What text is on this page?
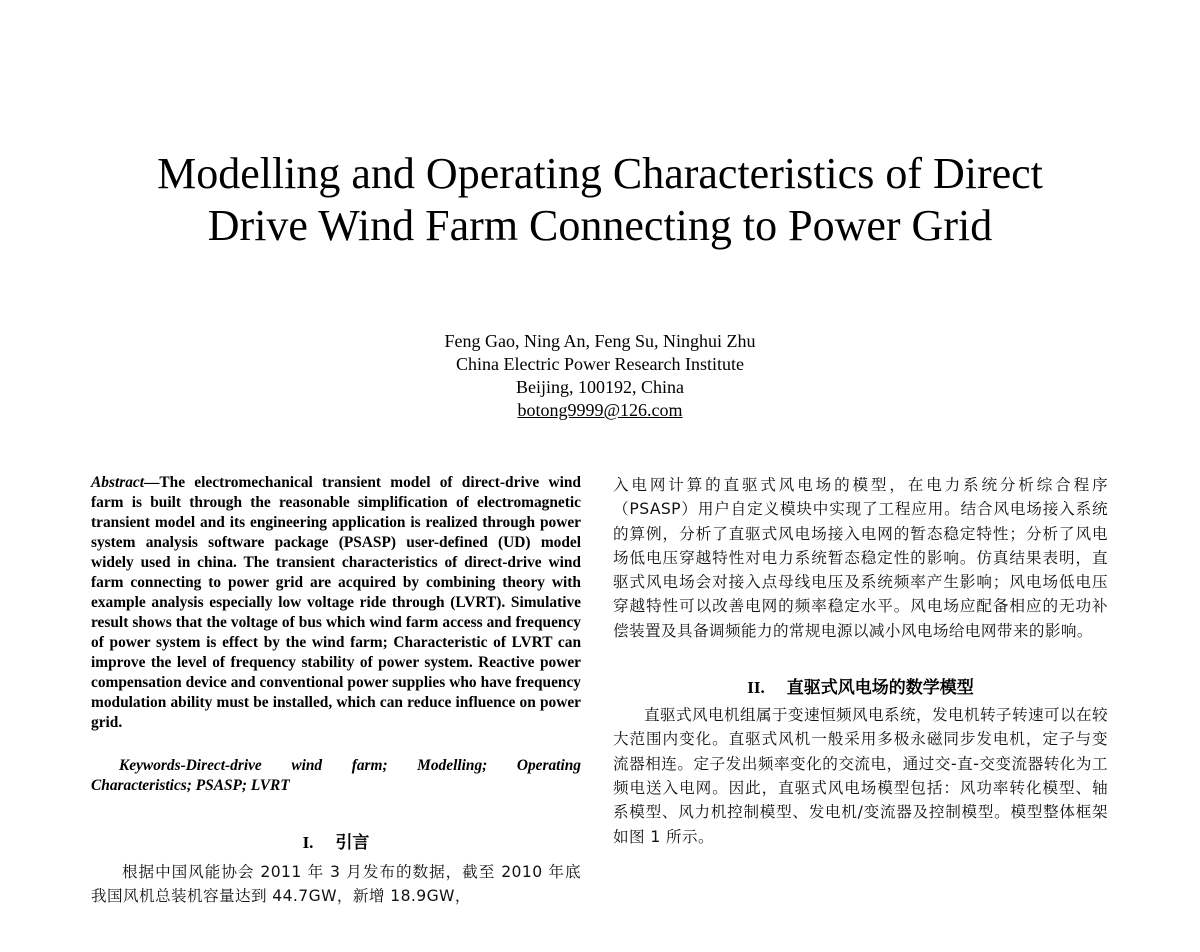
Modelling and Operating Characteristics of Direct
Drive Wind Farm Connecting to Power Grid
Feng Gao, Ning An, Feng Su, Ninghui Zhu
China Electric Power Research Institute
Beijing, 100192, China
botong9999@126.com

Abstract—The electromechanical transient model of direct-drive wind farm is built through the reasonable simplification of electromagnetic transient model and its engineering application is realized through power system analysis software package (PSASP) user-defined (UD) model widely used in china. The transient characteristics of direct-drive wind farm connecting to power grid are acquired by combining theory with example analysis especially low voltage ride through (LVRT). Simulative result shows that the voltage of bus which wind farm access and frequency of power system is effect by the wind farm; Characteristic of LVRT can improve the level of frequency stability of power system. Reactive power compensation device and conventional power supplies who have frequency modulation ability must be installed, which can reduce influence on power grid.

Keywords-Direct-drive wind farm; Modelling; Operating Characteristics; PSASP; LVRT

I. 引言

根据中国风能协会 2011 年 3 月发布的数据，截至 2010 年底我国风机总装机容量达到 44.7GW，新增 18.9GW，

入电网计算的直驱式风电场的模型，在电力系统分析综合程序（PSASP）用户自定义模块中实现了工程应用。结合风电场接入系统的算例，分析了直驱式风电场接入电网的暂态稳定特性；分析了风电场低电压穿越特性对电力系统暂态稳定性的影响。仿真结果表明，直驱式风电场会对接入点母线电压及系统频率产生影响；风电场低电压穿越特性可以改善电网的频率稳定水平。风电场应配备相应的无功补偿装置及具备调频能力的常规电源以减小风电场给电网带来的影响。

II. 直驱式风电场的数学模型

直驱式风电机组属于变速恒频风电系统，发电机转子转速可以在较大范围内变化。直驱式风机一般采用多极永磁同步发电机，定子与变流器相连。定子发出频率变化的交流电，通过交-直-交变流器转化为工频电送入电网。因此，直驱式风电场模型包括：风功率转化模型、轴系模型、风力机控制模型、发电机/变流器及控制模型。模型整体框架如图 1 所示。
